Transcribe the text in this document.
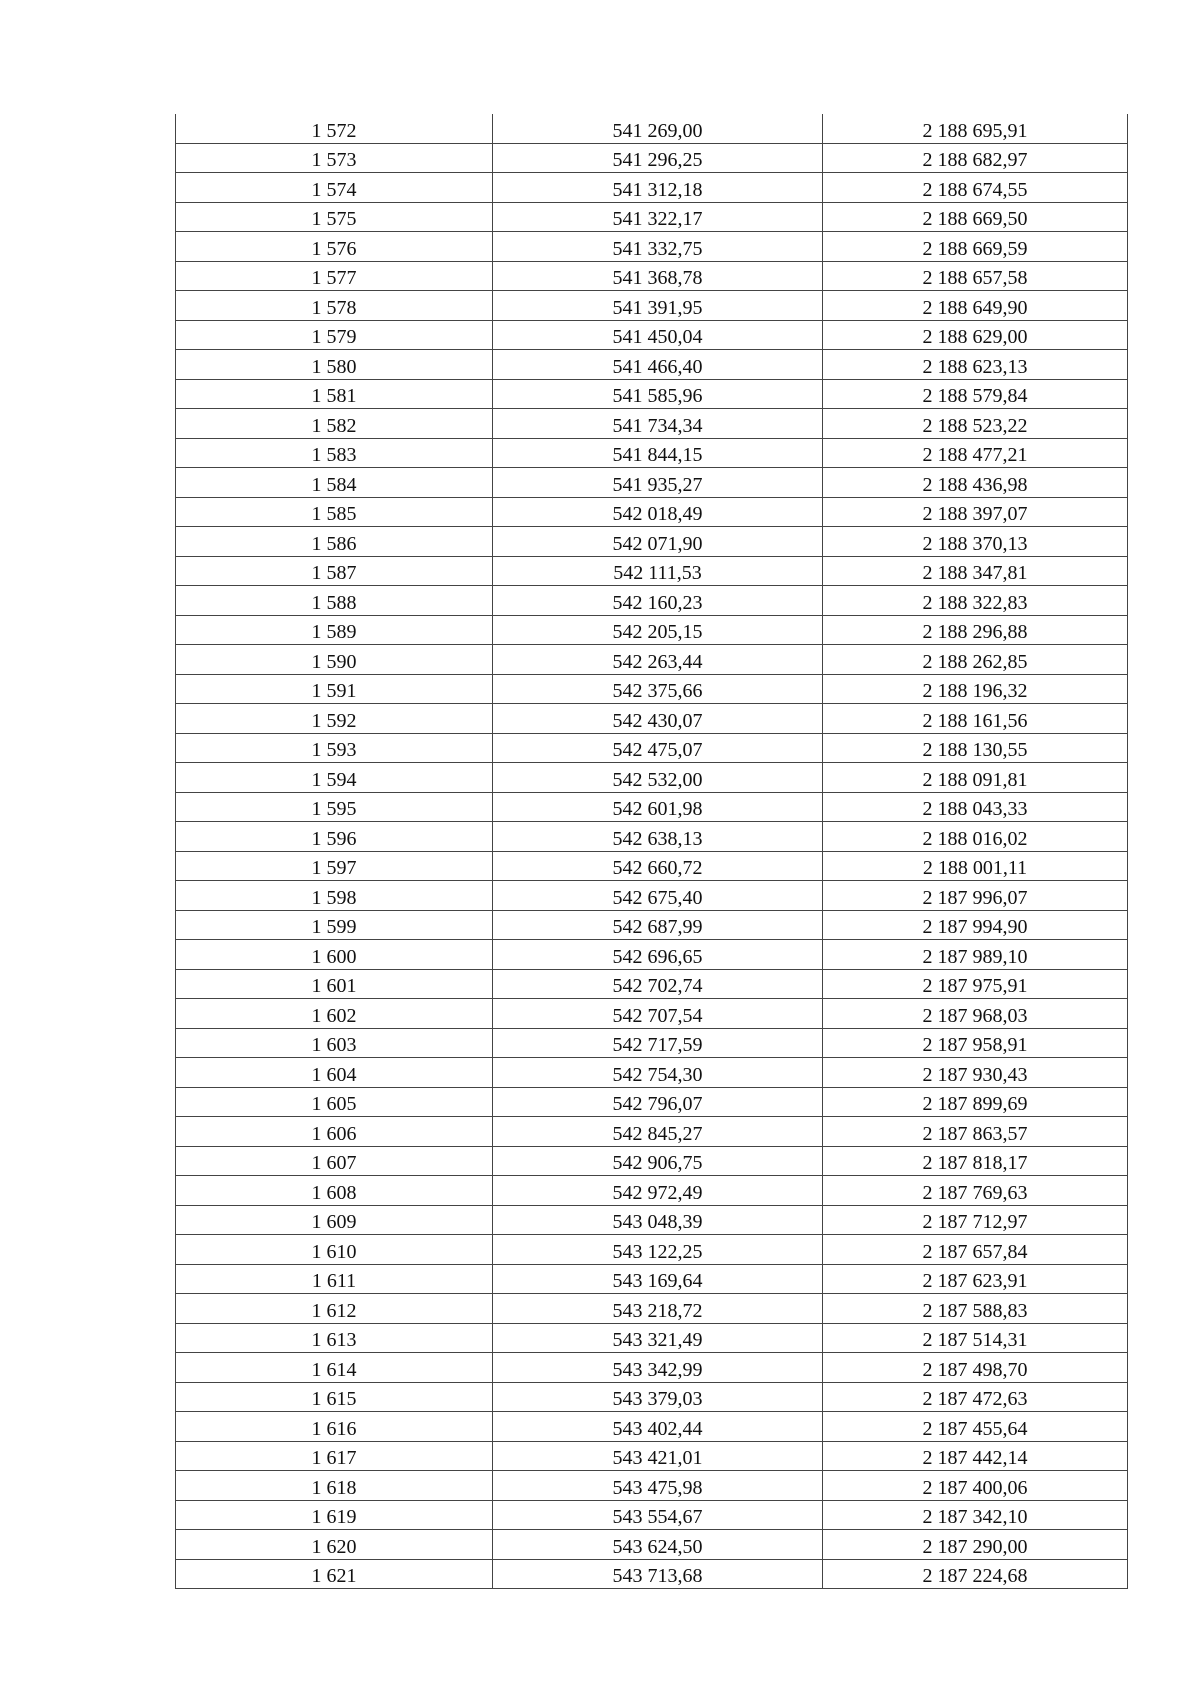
1 572	541 269,00	2 188 695,91
1 573	541 296,25	2 188 682,97
1 574	541 312,18	2 188 674,55
1 575	541 322,17	2 188 669,50
1 576	541 332,75	2 188 669,59
1 577	541 368,78	2 188 657,58
1 578	541 391,95	2 188 649,90
1 579	541 450,04	2 188 629,00
1 580	541 466,40	2 188 623,13
1 581	541 585,96	2 188 579,84
1 582	541 734,34	2 188 523,22
1 583	541 844,15	2 188 477,21
1 584	541 935,27	2 188 436,98
1 585	542 018,49	2 188 397,07
1 586	542 071,90	2 188 370,13
1 587	542 111,53	2 188 347,81
1 588	542 160,23	2 188 322,83
1 589	542 205,15	2 188 296,88
1 590	542 263,44	2 188 262,85
1 591	542 375,66	2 188 196,32
1 592	542 430,07	2 188 161,56
1 593	542 475,07	2 188 130,55
1 594	542 532,00	2 188 091,81
1 595	542 601,98	2 188 043,33
1 596	542 638,13	2 188 016,02
1 597	542 660,72	2 188 001,11
1 598	542 675,40	2 187 996,07
1 599	542 687,99	2 187 994,90
1 600	542 696,65	2 187 989,10
1 601	542 702,74	2 187 975,91
1 602	542 707,54	2 187 968,03
1 603	542 717,59	2 187 958,91
1 604	542 754,30	2 187 930,43
1 605	542 796,07	2 187 899,69
1 606	542 845,27	2 187 863,57
1 607	542 906,75	2 187 818,17
1 608	542 972,49	2 187 769,63
1 609	543 048,39	2 187 712,97
1 610	543 122,25	2 187 657,84
1 611	543 169,64	2 187 623,91
1 612	543 218,72	2 187 588,83
1 613	543 321,49	2 187 514,31
1 614	543 342,99	2 187 498,70
1 615	543 379,03	2 187 472,63
1 616	543 402,44	2 187 455,64
1 617	543 421,01	2 187 442,14
1 618	543 475,98	2 187 400,06
1 619	543 554,67	2 187 342,10
1 620	543 624,50	2 187 290,00
1 621	543 713,68	2 187 224,68
